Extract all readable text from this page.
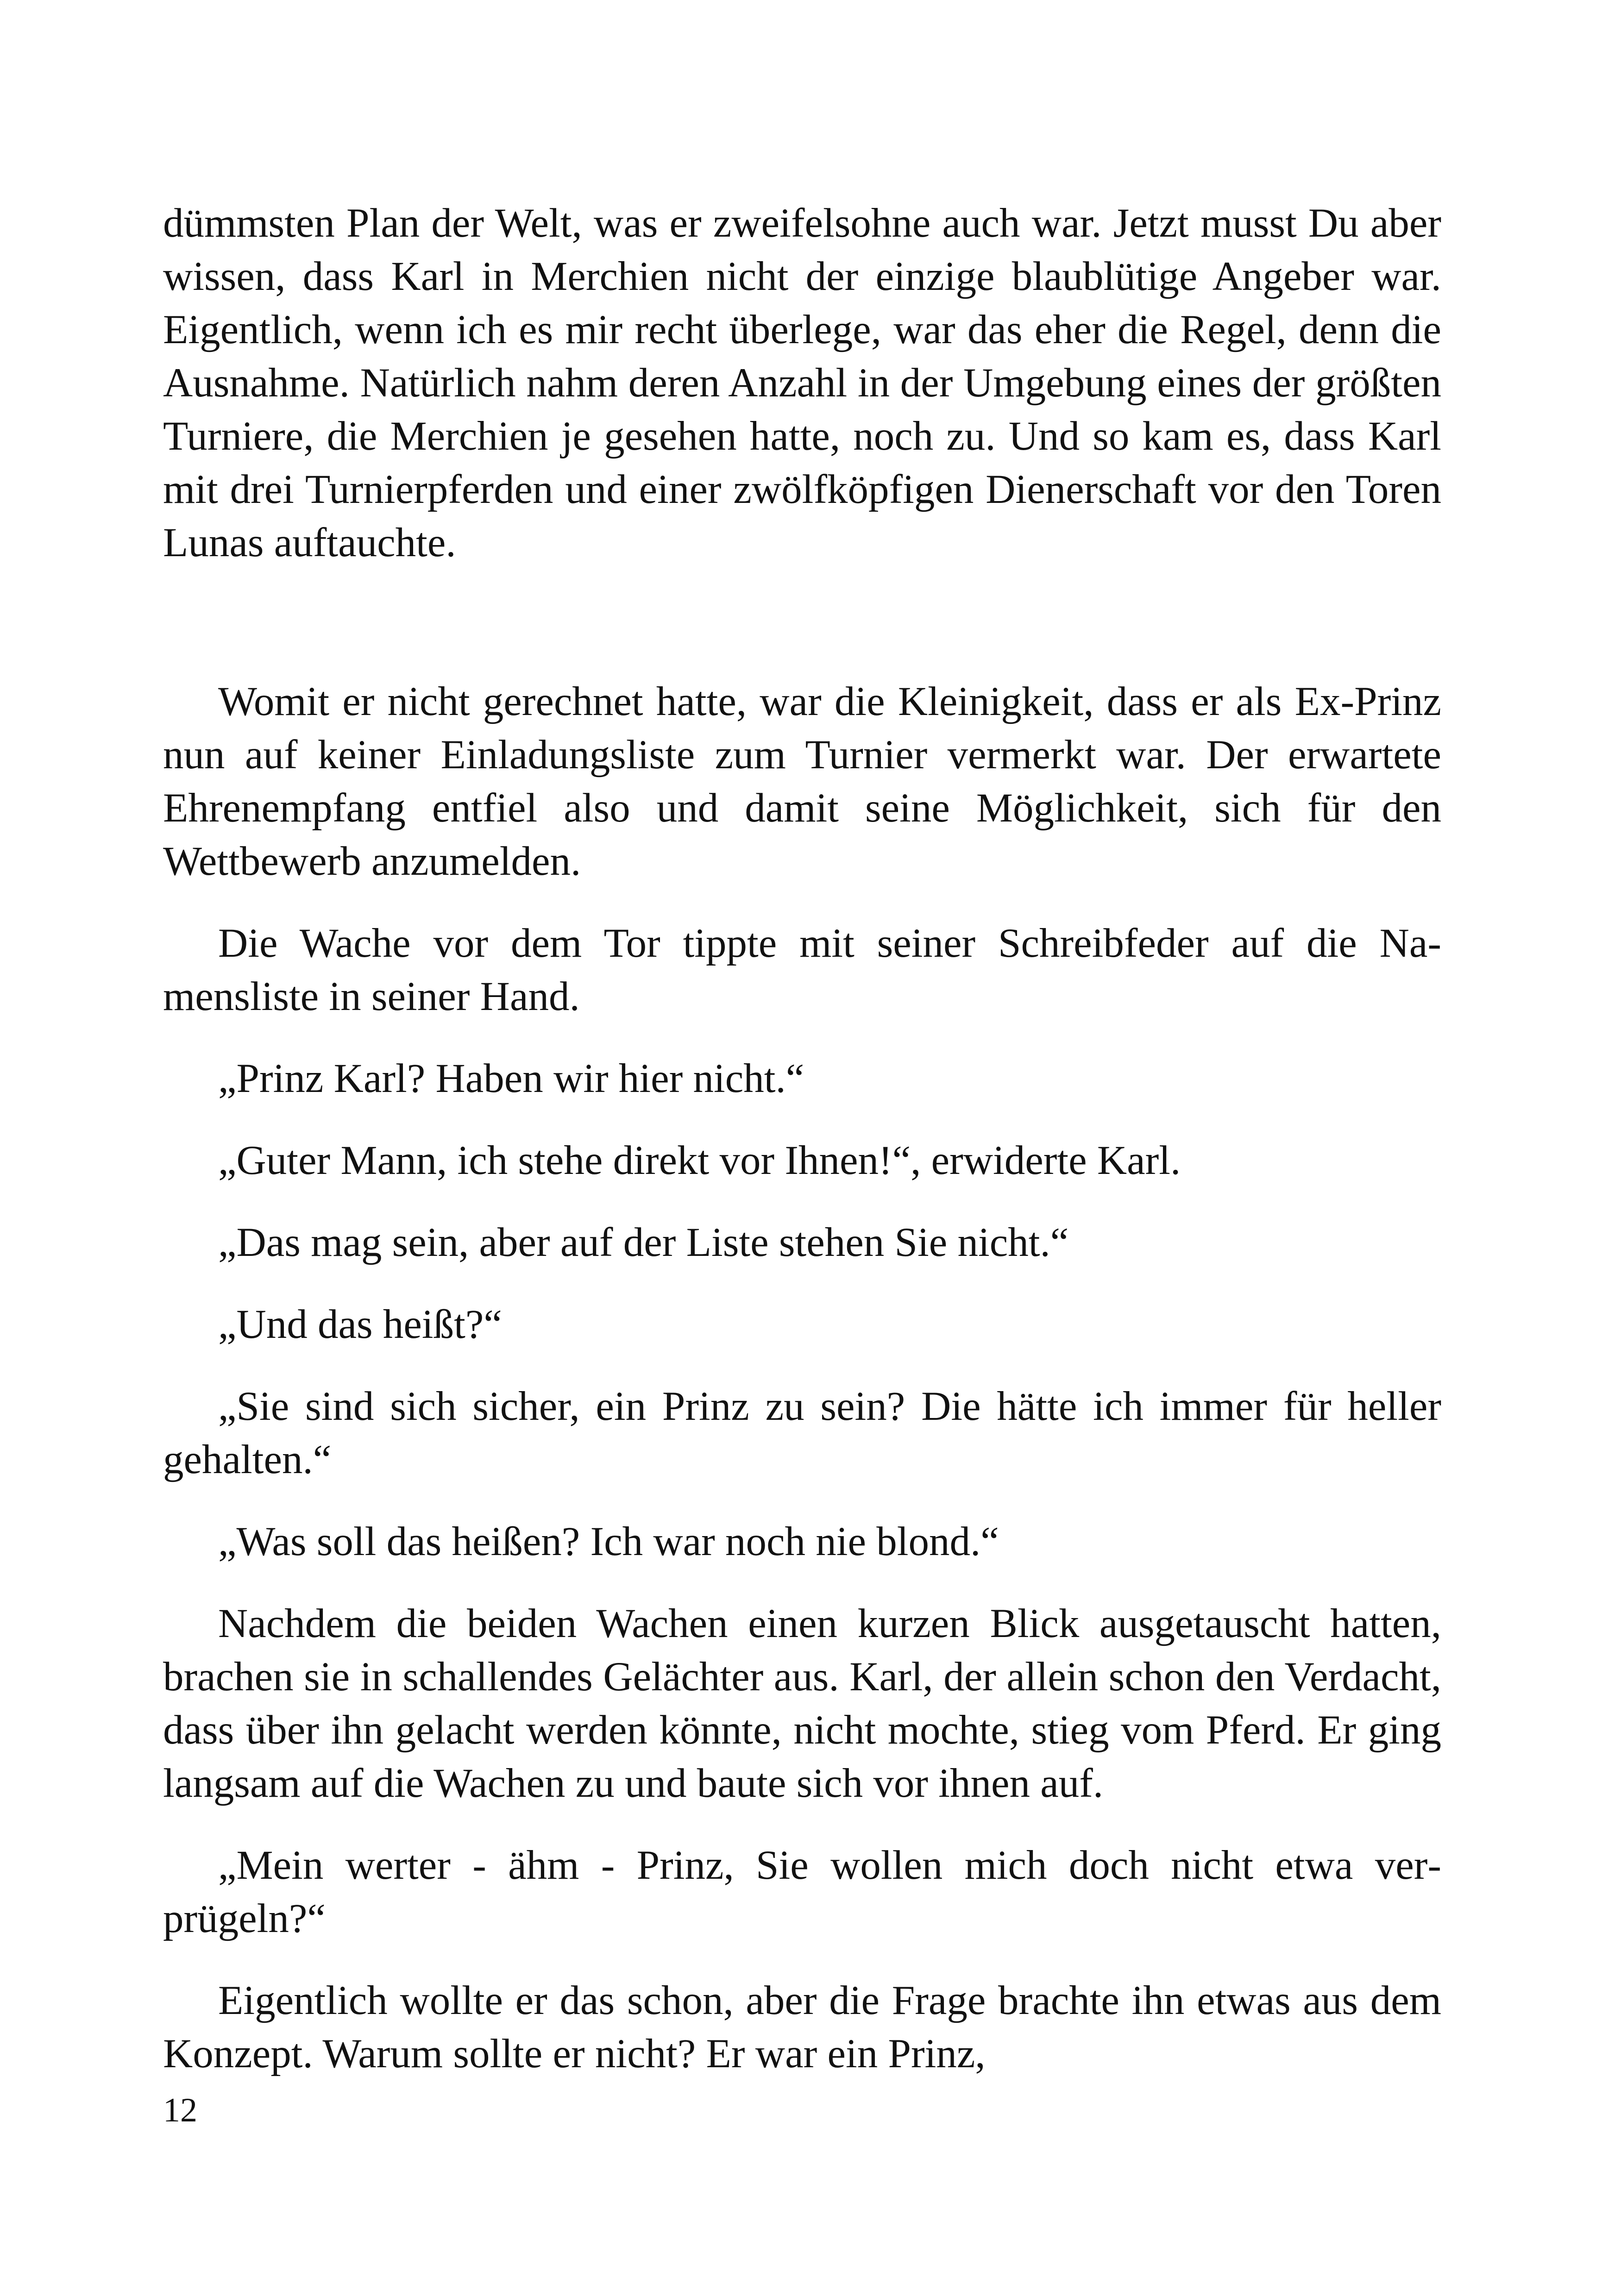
dümmsten Plan der Welt, was er zweifelsohne auch war. Jetzt musst Du aber wissen, dass Karl in Merchien nicht der einzige blaublütige Angeber war. Eigentlich, wenn ich es mir recht überlege, war das eher die Regel, denn die Ausnahme. Natürlich nahm deren Anzahl in der Umgebung eines der größten Turniere, die Merchien je gesehen hatte, noch zu. Und so kam es, dass Karl mit drei Turnierpferden und einer zwölfköpfigen Dienerschaft vor den Toren Lunas auftauchte.

Womit er nicht gerechnet hatte, war die Kleinigkeit, dass er als Ex-Prinz nun auf keiner Einladungsliste zum Turnier vermerkt war. Der erwartete Ehrenempfang entfiel also und damit seine Möglichkeit, sich für den Wettbewerb anzumelden.

Die Wache vor dem Tor tippte mit seiner Schreibfeder auf die Namensliste in seiner Hand.

„Prinz Karl? Haben wir hier nicht.“

„Guter Mann, ich stehe direkt vor Ihnen!“, erwiderte Karl.

„Das mag sein, aber auf der Liste stehen Sie nicht.“

„Und das heißt?“

„Sie sind sich sicher, ein Prinz zu sein? Die hätte ich immer für heller gehalten.“

„Was soll das heißen? Ich war noch nie blond.“

Nachdem die beiden Wachen einen kurzen Blick ausgetauscht hatten, brachen sie in schallendes Gelächter aus. Karl, der allein schon den Verdacht, dass über ihn gelacht werden könnte, nicht mochte, stieg vom Pferd. Er ging langsam auf die Wachen zu und baute sich vor ihnen auf.

„Mein werter - ähm - Prinz, Sie wollen mich doch nicht etwa verprügeln?“

Eigentlich wollte er das schon, aber die Frage brachte ihn etwas aus dem Konzept. Warum sollte er nicht? Er war ein Prinz,

12
